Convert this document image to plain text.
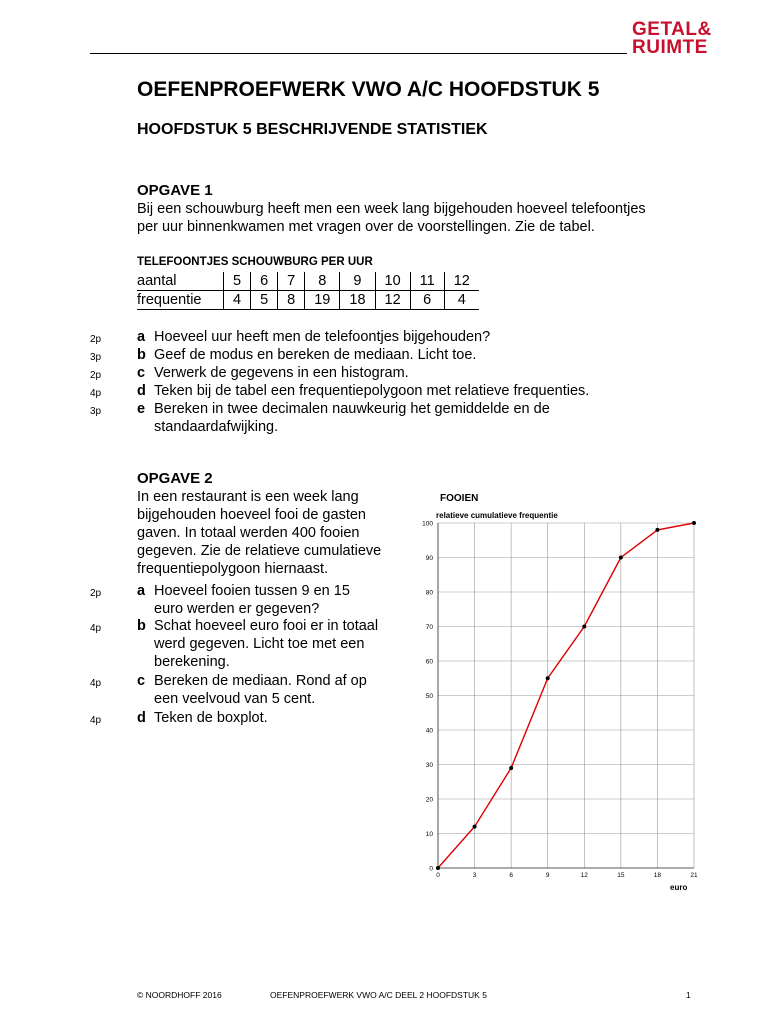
GETAL&
RUIMTE
OEFENPROEFWERK VWO A/C HOOFDSTUK 5
HOOFDSTUK 5 BESCHRIJVENDE STATISTIEK
OPGAVE 1
Bij een schouwburg heeft men een week lang bijgehouden hoeveel telefoontjes
per uur binnenkwamen met vragen over de voorstellingen. Zie de tabel.
TELEFOONTJES SCHOUWBURG PER UUR
aantal	5	6	7	8	9	10	11	12
frequentie	4	5	8	19	18	12	6	4
2p a Hoeveel uur heeft men de telefoontjes bijgehouden?
3p b Geef de modus en bereken de mediaan. Licht toe.
2p c Verwerk de gegevens in een histogram.
4p d Teken bij de tabel een frequentiepolygoon met relatieve frequenties.
3p e Bereken in twee decimalen nauwkeurig het gemiddelde en de
standaardafwijking.
OPGAVE 2
In een restaurant is een week lang
bijgehouden hoeveel fooi de gasten
gaven. In totaal werden 400 fooien
gegeven. Zie de relatieve cumulatieve
frequentiepolygoon hiernaast.
2p a Hoeveel fooien tussen 9 en 15
euro werden er gegeven?
4p b Schat hoeveel euro fooi er in totaal
werd gegeven. Licht toe met een
berekening.
4p c Bereken de mediaan. Rond af op
een veelvoud van 5 cent.
4p d Teken de boxplot.
FOOIEN
relatieve cumulatieve frequentie
euro
0
10
20
30
40
50
60
70
80
90
100
0	3	6	9	12	15	18	21
© NOORDHOFF 2016	OEFENPROEFWERK VWO A/C DEEL 2 HOOFDSTUK 5	1
